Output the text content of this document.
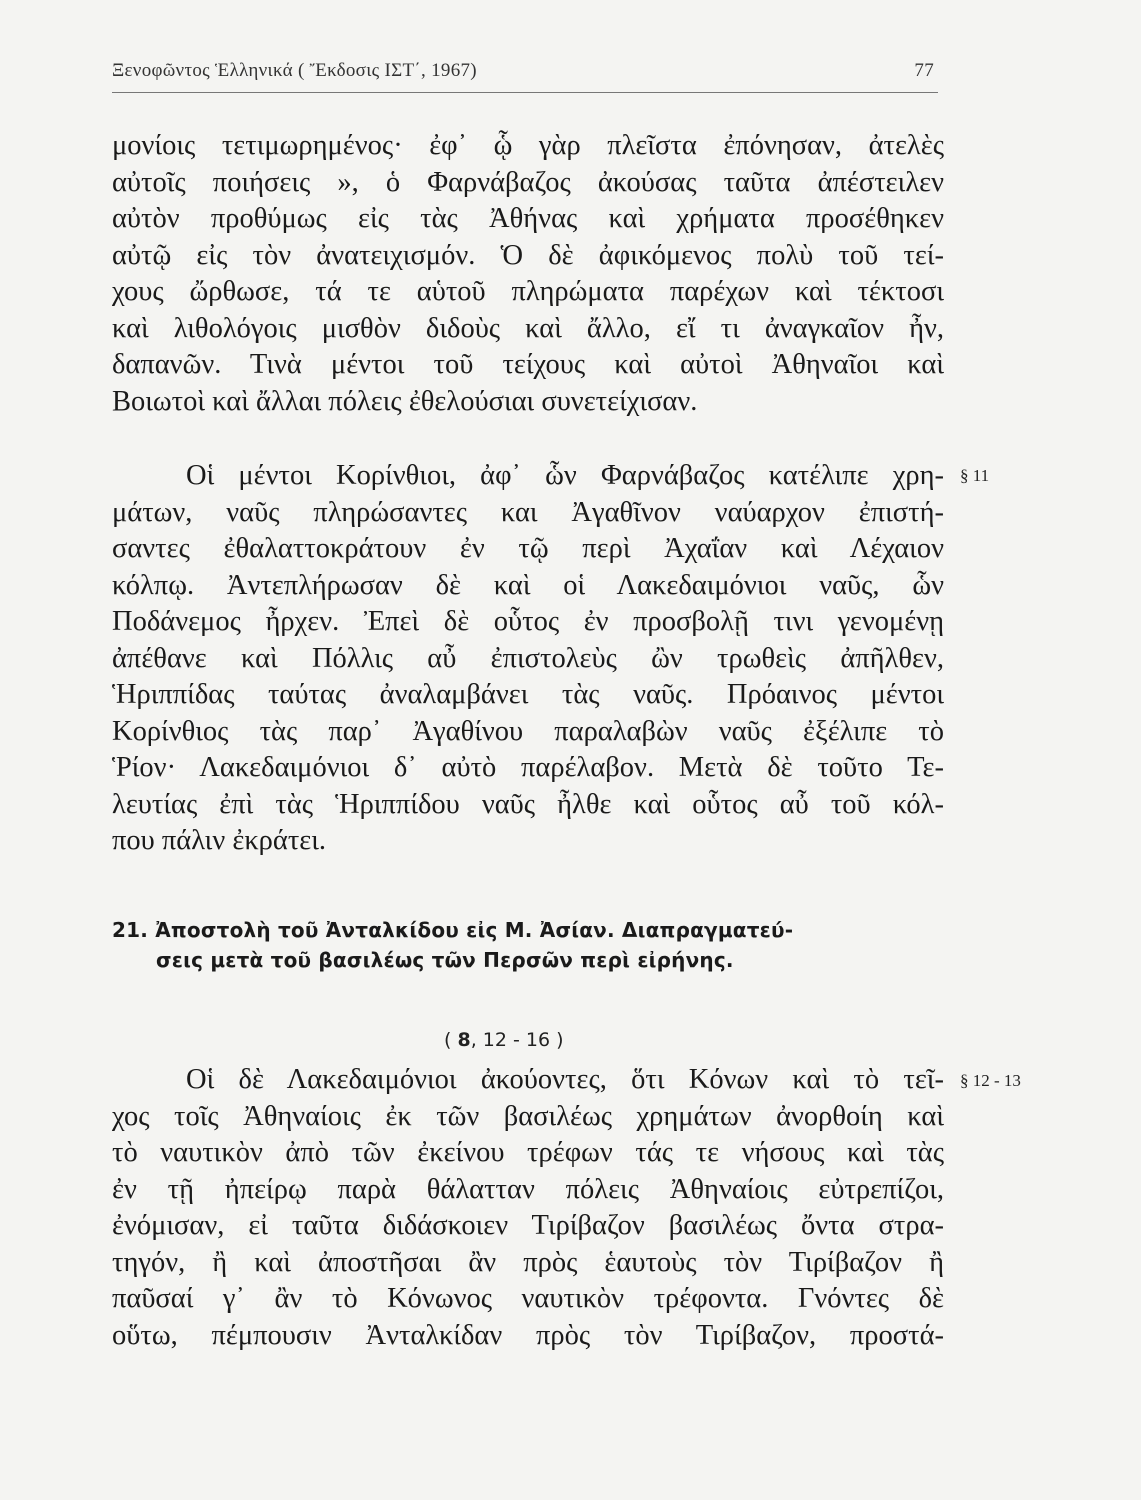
Ξενοφῶντος Ἑλληνικά ( Ἔκδοσις ΙΣΤ΄, 1967)	77
μονίοις τετιμωρημένος· ἐφ᾽ ᾧ γὰρ πλεῖστα ἐπόνησαν, ἀτελὲς
αὐτοῖς ποιήσεις », ὁ Φαρνάβαζος ἀκούσας ταῦτα ἀπέστειλεν
αὐτὸν προθύμως εἰς τὰς Ἀθήνας καὶ χρήματα προσέθηκεν
αὐτῷ εἰς τὸν ἀνατειχισμόν. Ὁ δὲ ἀφικόμενος πολὺ τοῦ τεί-
χους ὤρθωσε, τά τε αὑτοῦ πληρώματα παρέχων καὶ τέκτοσι
καὶ λιθολόγοις μισθὸν διδοὺς καὶ ἄλλο, εἴ τι ἀναγκαῖον ἦν,
δαπανῶν. Τινὰ μέντοι τοῦ τείχους καὶ αὐτοὶ Ἀθηναῖοι καὶ
Βοιωτοὶ καὶ ἄλλαι πόλεις ἐθελούσιαι συνετείχισαν.
Οἱ μέντοι Κορίνθιοι, ἀφ᾽ ὧν Φαρνάβαζος κατέλιπε χρη-
μάτων, ναῦς πληρώσαντες και Ἀγαθῖνον ναύαρχον ἐπιστή-
σαντες ἐθαλαττοκράτουν ἐν τῷ περὶ Ἀχαΐαν καὶ Λέχαιον
κόλπῳ. Ἀντεπλήρωσαν δὲ καὶ οἱ Λακεδαιμόνιοι ναῦς, ὧν
Ποδάνεμος ἦρχεν. Ἐπεὶ δὲ οὗτος ἐν προσβολῇ τινι γενομένῃ
ἀπέθανε καὶ Πόλλις αὖ ἐπιστολεὺς ὢν τρωθεὶς ἀπῆλθεν,
Ἡριππίδας ταύτας ἀναλαμβάνει τὰς ναῦς. Πρόαινος μέντοι
Κορίνθιος τὰς παρ᾽ Ἀγαθίνου παραλαβὼν ναῦς ἐξέλιπε τὸ
Ῥίον· Λακεδαιμόνιοι δ᾽ αὐτὸ παρέλαβον. Μετὰ δὲ τοῦτο Τε-
λευτίας ἐπὶ τὰς Ἡριππίδου ναῦς ἦλθε καὶ οὗτος αὖ τοῦ κόλ-
που πάλιν ἐκράτει.
21. Ἀποστολὴ τοῦ Ἀνταλκίδου εἰς Μ. Ἀσίαν. Διαπραγματεύ-
σεις μετὰ τοῦ βασιλέως τῶν Περσῶν περὶ εἰρήνης.
( 8, 12 - 16 )
Οἱ δὲ Λακεδαιμόνιοι ἀκούοντες, ὅτι Κόνων καὶ τὸ τεῖ-
χος τοῖς Ἀθηναίοις ἐκ τῶν βασιλέως χρημάτων ἀνορθοίη καὶ
τὸ ναυτικὸν ἀπὸ τῶν ἐκείνου τρέφων τάς τε νήσους καὶ τὰς
ἐν τῇ ἠπείρῳ παρὰ θάλατταν πόλεις Ἀθηναίοις εὐτρεπίζοι,
ἐνόμισαν, εἰ ταῦτα διδάσκοιεν Τιρίβαζον βασιλέως ὄντα στρα-
τηγόν, ἢ καὶ ἀποστῆσαι ἂν πρὸς ἑαυτοὺς τὸν Τιρίβαζον ἢ
παῦσαί γ᾽ ἂν τὸ Κόνωνος ναυτικὸν τρέφοντα. Γνόντες δὲ
οὕτω, πέμπουσιν Ἀνταλκίδαν πρὸς τὸν Τιρίβαζον, προστά-
§ 11
§ 12 - 13
